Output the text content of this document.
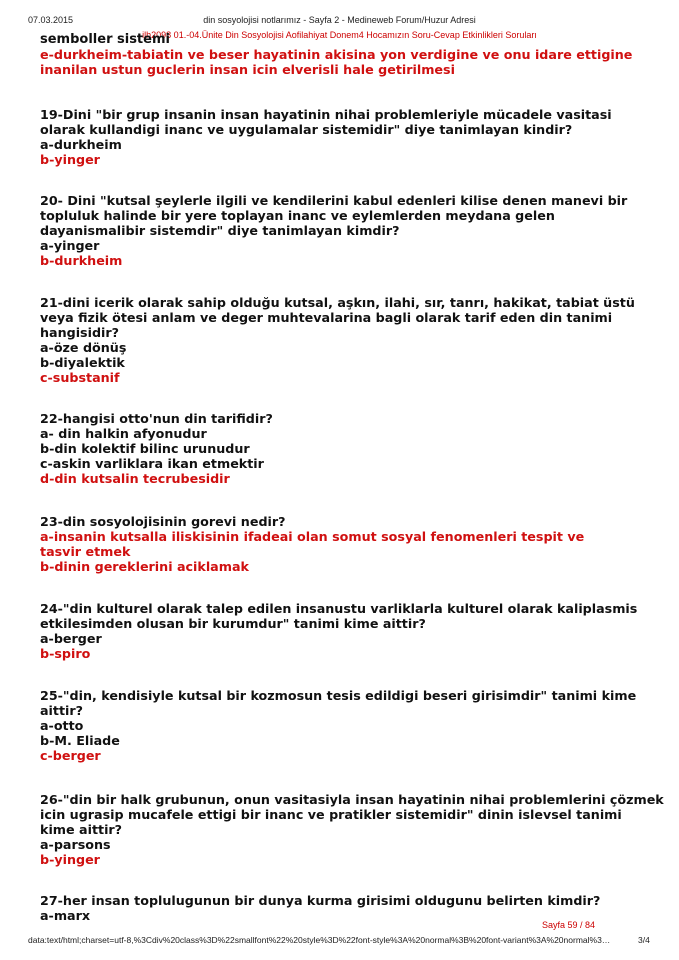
07.03.2015	din sosyolojisi notlarımız - Sayfa 2 - Medineweb Forum/Huzur Adresi
ilh2098 01.-04.Ünite Din Sosyolojisi Aofilahiyat Donem4 Hocamızın Soru-Cevap Etkinlikleri Soruları
semboller sistemi
e-durkheim-tabiatin ve beser hayatinin akisina yon verdigine ve onu idare ettigine
inanilan ustun guclerin insan icin elverisli hale getirilmesi
19-Dini "bir grup insanin insan hayatinin nihai problemleriyle mücadele vasitasi
olarak kullandigi inanc ve uygulamalar sistemidir" diye tanimlayan kindir?
a-durkheim
b-yinger
20- Dini "kutsal şeylerle ilgili ve kendilerini kabul edenleri kilise denen manevi bir
topluluk halinde bir yere toplayan inanc ve eylemlerden meydana gelen
dayanismalibir sistemdir" diye tanimlayan kimdir?
a-yinger
b-durkheim
21-dini icerik olarak sahip olduğu kutsal, aşkın, ilahi, sır, tanrı, hakikat, tabiat üstü
veya fizik ötesi anlam ve deger muhtevalarina bagli olarak tarif eden din tanimi
hangisidir?
a-öze dönüş
b-diyalektik
c-substanif
22-hangisi otto'nun din tarifidir?
a- din halkin afyonudur
b-din kolektif bilinc urunudur
c-askin varliklara ikan etmektir
d-din kutsalin tecrubesidir
23-din sosyolojisinin gorevi nedir?
a-insanin kutsalla iliskisinin ifadeai olan somut sosyal fenomenleri tespit ve tasvir etmek
b-dinin gereklerini aciklamak
24-"din kulturel olarak talep edilen insanustu varliklarla kulturel olarak kaliplasmis
etkilesimden olusan bir kurumdur" tanimi kime aittir?
a-berger
b-spiro
25-"din, kendisiyle kutsal bir kozmosun tesis edildigi beseri girisimdir" tanimi kime
aittir?
a-otto
b-M. Eliade
c-berger
26-"din bir halk grubunun, onun vasitasiyla insan hayatinin nihai problemlerini çözmek
icin ugrasip mucafele ettigi bir inanc ve pratikler sistemidir" dinin islevsel tanimi
kime aittir?
a-parsons
b-yinger
27-her insan toplulugunun bir dunya kurma girisimi oldugunu belirten kimdir?
a-marx
Sayfa 59 / 84
data:text/html;charset=utf-8,%3Cdiv%20class%3D%22smallfont%22%20style%3D%22font-style%3A%20normal%3B%20font-variant%3A%20normal%3…	3/4
